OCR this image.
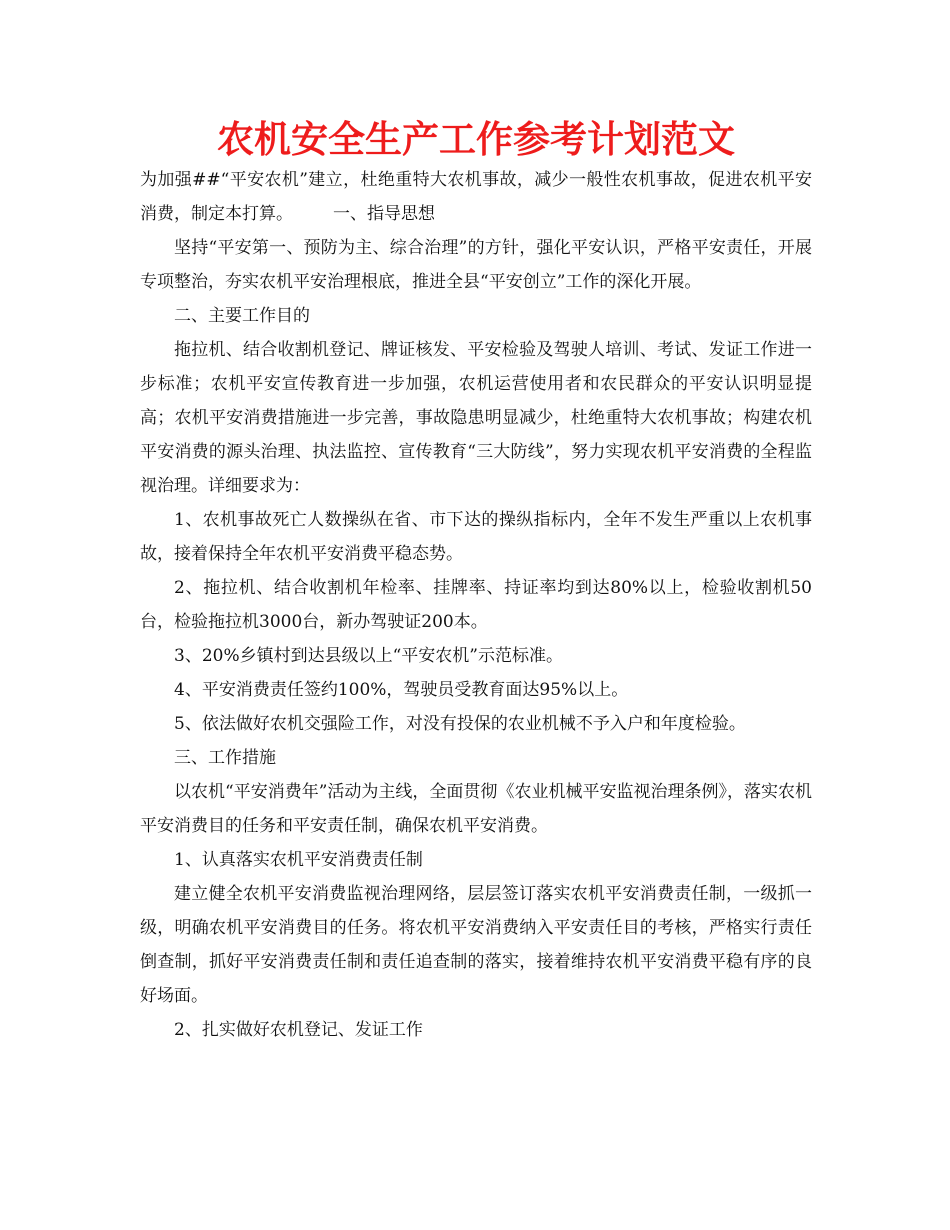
农机安全生产工作参考计划范文

为加强##“平安农机”建立，杜绝重特大农机事故，减少一般性农机事故，促进农机平安消费，制定本打算。 一、指导思想

坚持“平安第一、预防为主、综合治理”的方针，强化平安认识，严格平安责任，开展专项整治，夯实农机平安治理根底，推进全县“平安创立”工作的深化开展。

二、主要工作目的

拖拉机、结合收割机登记、牌证核发、平安检验及驾驶人培训、考试、发证工作进一步标准；农机平安宣传教育进一步加强，农机运营使用者和农民群众的平安认识明显提高；农机平安消费措施进一步完善，事故隐患明显减少，杜绝重特大农机事故；构建农机平安消费的源头治理、执法监控、宣传教育“三大防线”，努力实现农机平安消费的全程监视治理。详细要求为：

1、农机事故死亡人数操纵在省、市下达的操纵指标内，全年不发生严重以上农机事故，接着保持全年农机平安消费平稳态势。

2、拖拉机、结合收割机年检率、挂牌率、持证率均到达80%以上，检验收割机50台，检验拖拉机3000台，新办驾驶证200本。

3、20%乡镇村到达县级以上“平安农机”示范标准。

4、平安消费责任签约100%，驾驶员受教育面达95%以上。

5、依法做好农机交强险工作，对没有投保的农业机械不予入户和年度检验。

三、工作措施

以农机“平安消费年”活动为主线，全面贯彻《农业机械平安监视治理条例》，落实农机平安消费目的任务和平安责任制，确保农机平安消费。

1、认真落实农机平安消费责任制

建立健全农机平安消费监视治理网络，层层签订落实农机平安消费责任制，一级抓一级，明确农机平安消费目的任务。将农机平安消费纳入平安责任目的考核，严格实行责任倒查制，抓好平安消费责任制和责任追查制的落实，接着维持农机平安消费平稳有序的良好场面。

2、扎实做好农机登记、发证工作
